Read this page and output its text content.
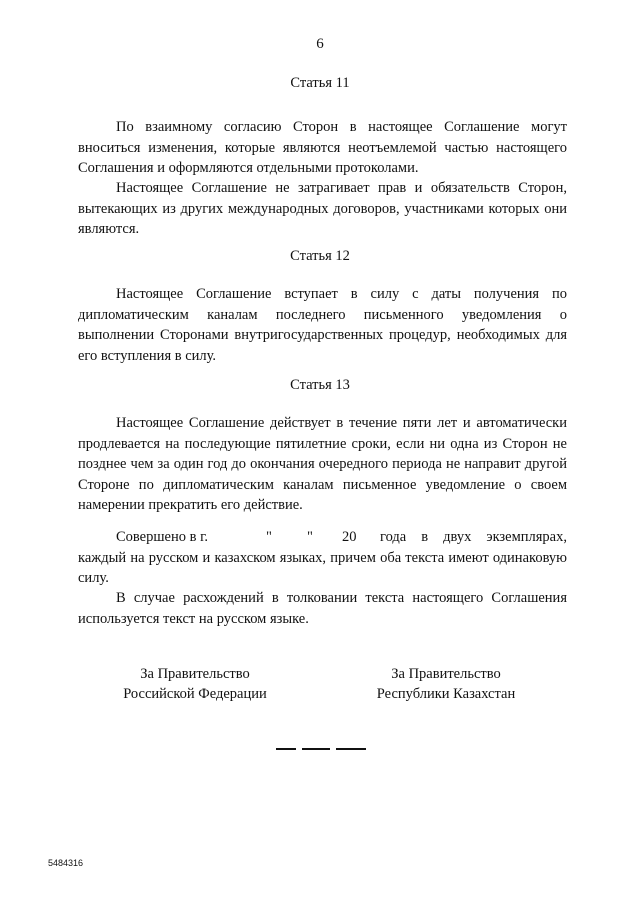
6
Статья 11

По взаимному согласию Сторон в настоящее Соглашение могут вноситься изменения, которые являются неотъемлемой частью настоящего Соглашения и оформляются отдельными протоколами.

Настоящее Соглашение не затрагивает прав и обязательств Сторон, вытекающих из других международных договоров, участниками которых они являются.

Статья 12

Настоящее Соглашение вступает в силу с даты получения по дипломатическим каналам последнего письменного уведомления о выполнении Сторонами внутригосударственных процедур, необходимых для его вступления в силу.

Статья 13

Настоящее Соглашение действует в течение пяти лет и автоматически продлевается на последующие пятилетние сроки, если ни одна из Сторон не позднее чем за один год до окончания очередного периода не направит другой Стороне по дипломатическим каналам письменное уведомление о своем намерении прекратить его действие.

Совершено в г.	" " 20	года в двух экземплярах, каждый на русском и казахском языках, причем оба текста имеют одинаковую силу.

В случае расхождений в толковании текста настоящего Соглашения используется текст на русском языке.

За Правительство
Российской Федерации
За Правительство
Республики Казахстан
5484316
